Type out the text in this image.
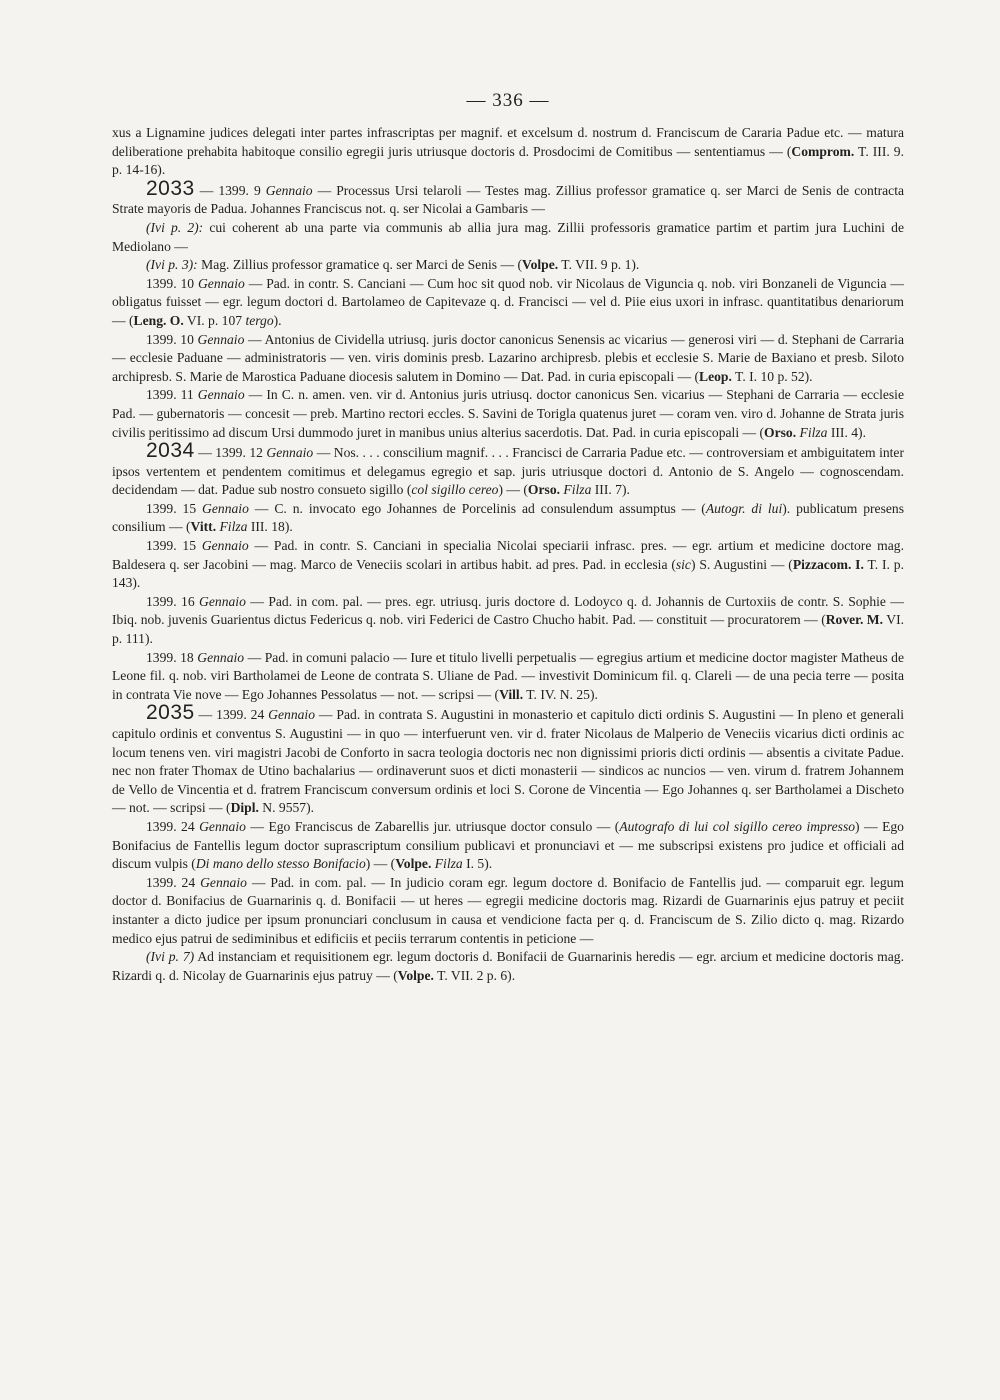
— 336 —

xus a Lignamine judices delegati inter partes infrascriptas per magnif. et excelsum d. nostrum d. Franciscum de Cararia Padue etc. — matura deliberatione prehabita habitoque consilio egregii juris utriusque doctoris d. Prosdocimi de Comitibus — sententiamus — (Comprom. T. III. 9. p. 14-16).

2033 — 1399. 9 Gennaio — Processus Ursi telaroli — Testes mag. Zillius professor gramatice q. ser Marci de Senis de contracta Strate mayoris de Padua. Johannes Franciscus not. q. ser Nicolai a Gambaris —

(Ivi p. 2): cui coherent ab una parte via communis ab allia jura mag. Zillii professoris gramatice partim et partim jura Luchini de Mediolano —

(Ivi p. 3): Mag. Zillius professor gramatice q. ser Marci de Senis — (Volpe. T. VII. 9 p. 1).

1399. 10 Gennaio — Pad. in contr. S. Canciani — Cum hoc sit quod nob. vir Nicolaus de Viguncia q. nob. viri Bonzaneli de Viguncia — obligatus fuisset — egr. legum doctori d. Bartolameo de Capitevaze q. d. Francisci — vel d. Piie eius uxori in infrasc. quantitatibus denariorum — (Leng. O. VI. p. 107 tergo).

1399. 10 Gennaio — Antonius de Cividella utriusq. juris doctor canonicus Senensis ac vicarius — generosi viri — d. Stephani de Carraria — ecclesie Paduane — administratoris — ven. viris dominis presb. Lazarino archipresb. plebis et ecclesie S. Marie de Baxiano et presb. Siloto archipresb. S. Marie de Marostica Paduane diocesis salutem in Domino — Dat. Pad. in curia episcopali — (Leop. T. I. 10 p. 52).

1399. 11 Gennaio — In C. n. amen. ven. vir d. Antonius juris utriusq. doctor canonicus Sen. vicarius — Stephani de Carraria — ecclesie Pad. — gubernatoris — concesit — preb. Martino rectori eccles. S. Savini de Torigla quatenus juret — coram ven. viro d. Johanne de Strata juris civilis peritissimo ad discum Ursi dummodo juret in manibus unius alterius sacerdotis. Dat. Pad. in curia episcopali — (Orso. Filza III. 4).

2034 — 1399. 12 Gennaio — Nos. . . . conscilium magnif. . . . Francisci de Carraria Padue etc. — controversiam et ambiguitatem inter ipsos vertentem et pendentem comitimus et delegamus egregio et sap. juris utriusque doctori d. Antonio de S. Angelo — cognoscendam. decidendam — dat. Padue sub nostro consueto sigillo (col sigillo cereo) — (Orso. Filza III. 7).

1399. 15 Gennaio — C. n. invocato ego Johannes de Porcelinis ad consulendum assumptus — (Autogr. di lui). publicatum presens consilium — (Vitt. Filza III. 18).

1399. 15 Gennaio — Pad. in contr. S. Canciani in specialia Nicolai speciarii infrasc. pres. — egr. artium et medicine doctore mag. Baldesera q. ser Jacobini — mag. Marco de Veneciis scolari in artibus habit. ad pres. Pad. in ecclesia (sic) S. Augustini — (Pizzacom. I. T. I. p. 143).

1399. 16 Gennaio — Pad. in com. pal. — pres. egr. utriusq. juris doctore d. Lodoyco q. d. Johannis de Curtoxiis de contr. S. Sophie — Ibiq. nob. juvenis Guarientus dictus Federicus q. nob. viri Federici de Castro Chucho habit. Pad. — constituit — procuratorem — (Rover. M. VI. p. 111).

1399. 18 Gennaio — Pad. in comuni palacio — Iure et titulo livelli perpetualis — egregius artium et medicine doctor magister Matheus de Leone fil. q. nob. viri Bartholamei de Leone de contrata S. Uliane de Pad. — investivit Dominicum fil. q. Clareli — de una pecia terre — posita in contrata Vie nove — Ego Johannes Pessolatus — not. — scripsi — (Vill. T. IV. N. 25).

2035 — 1399. 24 Gennaio — Pad. in contrata S. Augustini in monasterio et capitulo dicti ordinis S. Augustini — In pleno et generali capitulo ordinis et conventus S. Augustini — in quo — interfuerunt ven. vir d. frater Nicolaus de Malperio de Veneciis vicarius dicti ordinis ac locum tenens ven. viri magistri Jacobi de Conforto in sacra teologia doctoris nec non dignissimi prioris dicti ordinis — absentis a civitate Padue. nec non frater Thomax de Utino bachalarius — ordinaverunt suos et dicti monasterii — sindicos ac nuncios — ven. virum d. fratrem Johannem de Vello de Vincentia et d. fratrem Franciscum conversum ordinis et loci S. Corone de Vincentia — Ego Johannes q. ser Bartholamei a Discheto — not. — scripsi — (Dipl. N. 9557).

1399. 24 Gennaio — Ego Franciscus de Zabarellis jur. utriusque doctor consulo — (Autografo di lui col sigillo cereo impresso) — Ego Bonifacius de Fantellis legum doctor suprascriptum consilium publicavi et pronunciavi et — me subscripsi existens pro judice et officiali ad discum vulpis (Di mano dello stesso Bonifacio) — (Volpe. Filza I. 5).

1399. 24 Gennaio — Pad. in com. pal. — In judicio coram egr. legum doctore d. Bonifacio de Fantellis jud. — comparuit egr. legum doctor d. Bonifacius de Guarnarinis q. d. Bonifacii — ut heres — egregii medicine doctoris mag. Rizardi de Guarnarinis ejus patruy et peciit instanter a dicto judice per ipsum pronunciari conclusum in causa et vendicione facta per q. d. Franciscum de S. Zilio dicto q. mag. Rizardo medico ejus patrui de sediminibus et edificiis et peciis terrarum contentis in peticione —

(Ivi p. 7) Ad instanciam et requisitionem egr. legum doctoris d. Bonifacii de Guarnarinis heredis — egr. arcium et medicine doctoris mag. Rizardi q. d. Nicolay de Guarnarinis ejus patruy — (Volpe. T. VII. 2 p. 6).
